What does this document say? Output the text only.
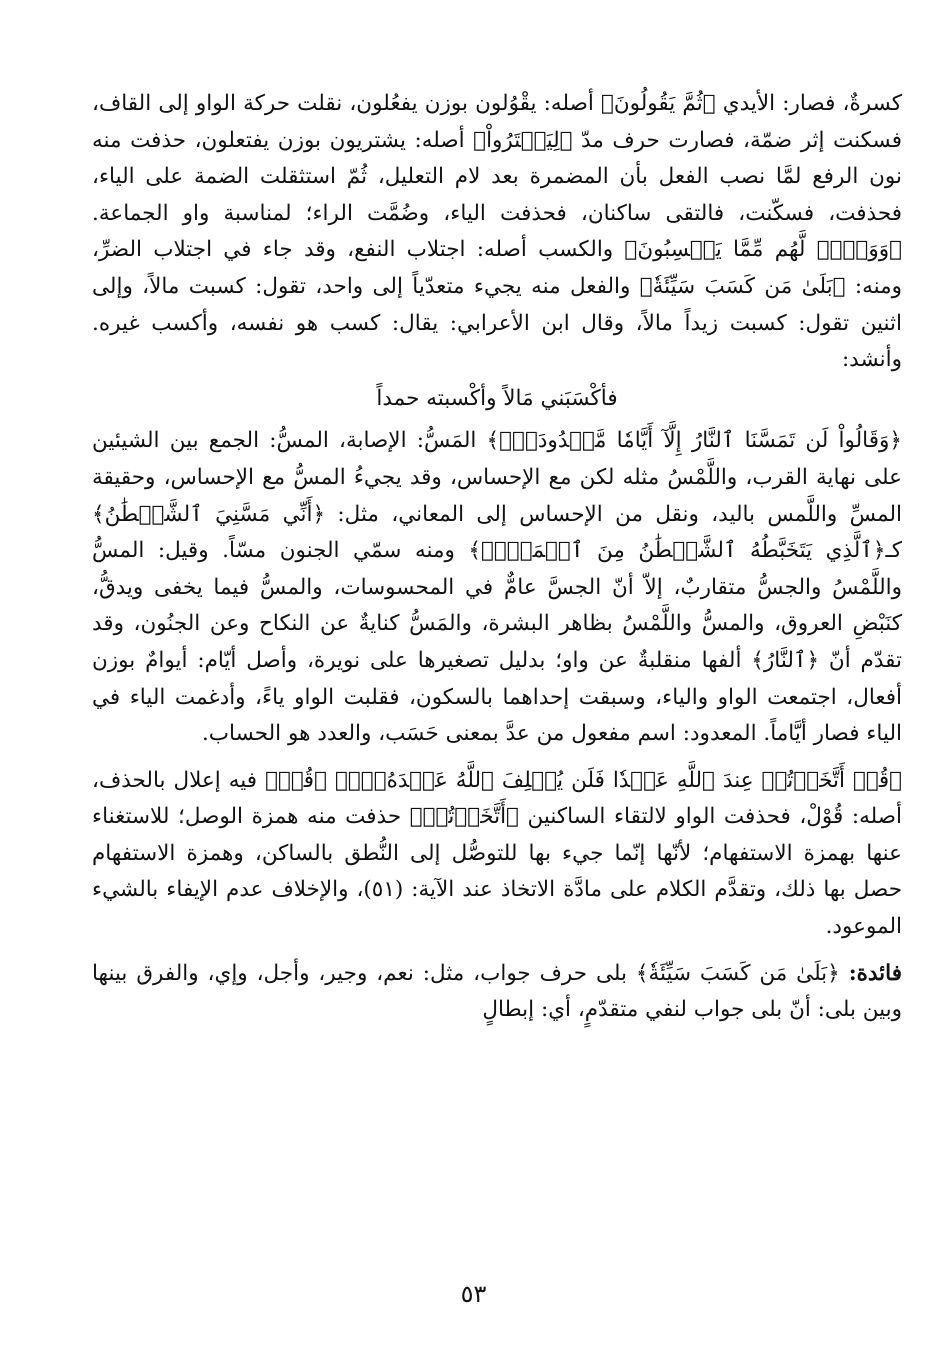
كسرةٌ، فصار: الأيدي ﴿ثُمَّ يَقُولُونَ﴾ أصله: يقْوُلون بوزن يفعُلون، نقلت حركة الواو إلى القاف، فسكنت إثر ضمّة، فصارت حرف مدّ ﴿لِيَشۡتَرُواْ﴾ أصله: يشتريون بوزن يفتعلون، حذفت منه نون الرفع لمَّا نصب الفعل بأن المضمرة بعد لام التعليل، ثُمّ استثقلت الضمة على الياء، فحذفت، فسكّنت، فالتقى ساكنان، فحذفت الياء، وضُمَّت الراء؛ لمناسبة واو الجماعة. ﴿وَوَيۡلٞ لَّهُم مِّمَّا يَكۡسِبُونَ﴾ والكسب أصله: اجتلاب النفع، وقد جاء في اجتلاب الضرِّ، ومنه: ﴿بَلَىٰ مَن كَسَبَ سَيِّئَةٗ﴾ والفعل منه يجيء متعدّياً إلى واحد، تقول: كسبت مالاً، وإلى اثنين تقول: كسبت زيداً مالاً، وقال ابن الأعرابي: يقال: كسب هو نفسه، وأكسب غيره. وأنشد:

فأكْسَبَني مَالاً وأكْسبته حمداً

﴿وَقَالُواْ لَن تَمَسَّنَا ٱلنَّارُ إِلَّآ أَيَّامٗا مَّعۡدُودَةٗۚ﴾ المَسُّ: الإصابة، المسُّ: الجمع بين الشيئين على نهاية القرب، واللَّمْسُ مثله لكن مع الإحساس، وقد يجيءُ المسُّ مع الإحساس، وحقيقة المسِّ واللَّمس باليد، ونقل من الإحساس إلى المعاني، مثل: ﴿أَنِّي مَسَّنِيَ ٱلشَّيۡطَٰنُ﴾ كـ﴿ٱلَّذِي يَتَخَبَّطُهُ ٱلشَّيۡطَٰنُ مِنَ ٱلۡمَسِّۚ﴾ ومنه سمّي الجنون مسّاً. وقيل: المسُّ واللَّمْسُ والجسُّ متقاربٌ، إلاّ أنّ الجسَّ عامٌّ في المحسوسات، والمسُّ فيما يخفى ويدقُّ، كنَبْضِ العروق، والمسُّ واللَّمْسُ بظاهر البشرة، والمَسُّ كنايةٌ عن النكاح وعن الجنُون، وقد تقدّم أنّ ﴿ٱلنَّارُ﴾ ألفها منقلبةٌ عن واو؛ بدليل تصغيرها على نويرة، وأصل أيّام: أيوامٌ بوزن أفعال، اجتمعت الواو والياء، وسبقت إحداهما بالسكون، فقلبت الواو ياءً، وأدغمت الياء في الياء فصار أيَّاماً. المعدود: اسم مفعول من عدَّ بمعنى حَسَب، والعدد هو الحساب.

﴿قُلۡ أَتَّخَذۡتُمۡ عِندَ ٱللَّهِ عَهۡدٗا فَلَن يُخۡلِفَ ٱللَّهُ عَهۡدَهُۥٓۖ﴾ ﴿قُلۡ﴾ فيه إعلال بالحذف، أصله: قُوْلْ، فحذفت الواو لالتقاء الساكنين ﴿أَتَّخَذۡتُمۡ﴾ حذفت منه همزة الوصل؛ للاستغناء عنها بهمزة الاستفهام؛ لأنّها إنّما جيء بها للتوصُّل إلى النُّطق بالساكن، وهمزة الاستفهام حصل بها ذلك، وتقدَّم الكلام على مادَّة الاتخاذ عند الآية: (٥١)، والإخلاف عدم الإيفاء بالشيء الموعود.

فائدة: ﴿بَلَىٰ مَن كَسَبَ سَيِّئَةٗ﴾ بلى حرف جواب، مثل: نعم، وجير، وأجل، وإي، والفرق بينها وبين بلى: أنّ بلى جواب لنفي متقدّمٍ، أي: إبطالٍ

٥٣
